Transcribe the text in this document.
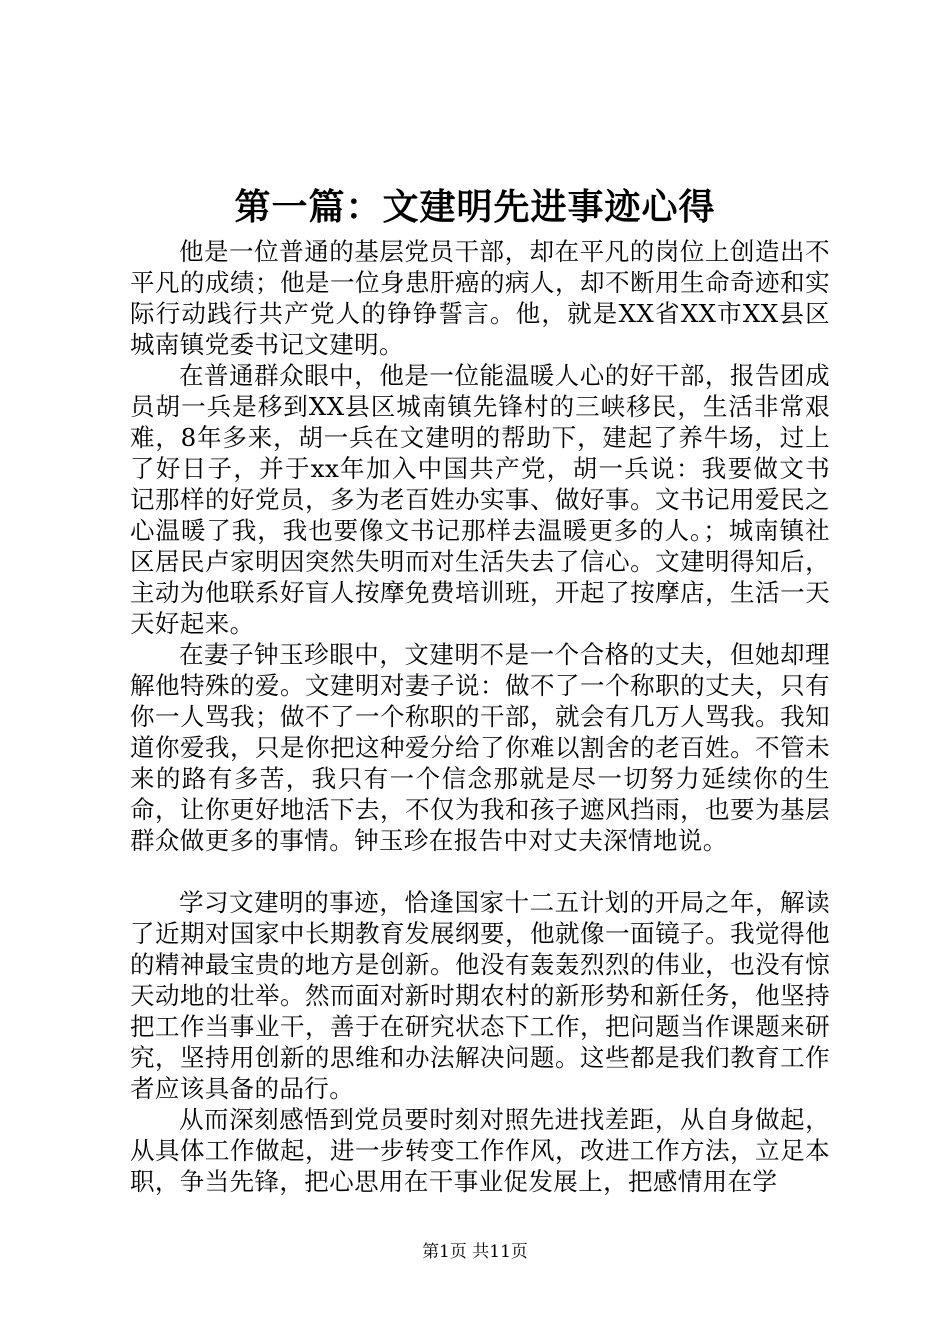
第一篇：文建明先进事迹心得

他是一位普通的基层党员干部，却在平凡的岗位上创造出不平凡的成绩；他是一位身患肝癌的病人，却不断用生命奇迹和实际行动践行共产党人的铮铮誓言。他，就是XX省XX市XX县区城南镇党委书记文建明。

在普通群众眼中，他是一位能温暖人心的好干部，报告团成员胡一兵是移到XX县区城南镇先锋村的三峡移民，生活非常艰难，8年多来，胡一兵在文建明的帮助下，建起了养牛场，过上了好日子，并于xx年加入中国共产党，胡一兵说：我要做文书记那样的好党员，多为老百姓办实事、做好事。文书记用爱民之心温暖了我，我也要像文书记那样去温暖更多的人。；城南镇社区居民卢家明因突然失明而对生活失去了信心。文建明得知后，主动为他联系好盲人按摩免费培训班，开起了按摩店，生活一天天好起来。

在妻子钟玉珍眼中，文建明不是一个合格的丈夫，但她却理解他特殊的爱。文建明对妻子说：做不了一个称职的丈夫，只有你一人骂我；做不了一个称职的干部，就会有几万人骂我。我知道你爱我，只是你把这种爱分给了你难以割舍的老百姓。不管未来的路有多苦，我只有一个信念那就是尽一切努力延续你的生命，让你更好地活下去，不仅为我和孩子遮风挡雨，也要为基层群众做更多的事情。钟玉珍在报告中对丈夫深情地说。

学习文建明的事迹，恰逢国家十二五计划的开局之年，解读了近期对国家中长期教育发展纲要，他就像一面镜子。我觉得他的精神最宝贵的地方是创新。他没有轰轰烈烈的伟业，也没有惊天动地的壮举。然而面对新时期农村的新形势和新任务，他坚持把工作当事业干，善于在研究状态下工作，把问题当作课题来研究，坚持用创新的思维和办法解决问题。这些都是我们教育工作者应该具备的品行。

从而深刻感悟到党员要时刻对照先进找差距，从自身做起，从具体工作做起，进一步转变工作作风，改进工作方法，立足本职，争当先锋，把心思用在干事业促发展上，把感情用在学

第1页 共11页
